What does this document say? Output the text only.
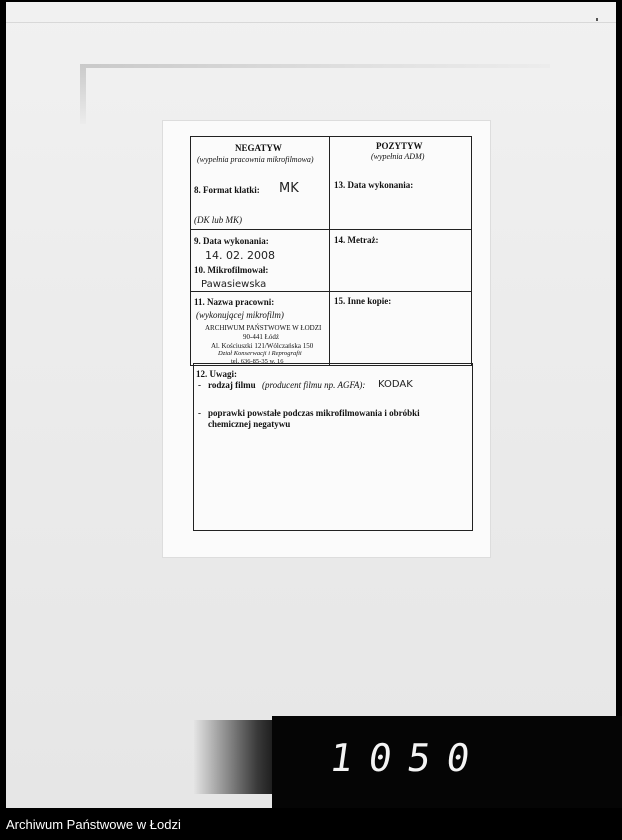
NEGATYW
(wypełnia pracownia mikrofilmowa)
POZYTYW
(wypełnia ADM)
8. Format klatki: MK
(DK lub MK)
13. Data wykonania:
9. Data wykonania:
14. 02. 2008
10. Mikrofilmował:
Pawasiewska
14. Metraż:
11. Nazwa pracowni:
(wykonującej mikrofilm)
ARCHIWUM PAŃSTWOWE W ŁODZI
90-441 Łódź
Al. Kościuszki 121/Wólczańska 150
Dział Konserwacji i Reprografii
tel. 636-85-35 w. 16
15. Inne kopie:
12. Uwagi:
- rodzaj filmu (producent filmu np. AGFA): KODAK
- poprawki powstałe podczas mikrofilmowania i obróbki chemicznej negatywu
1050
Archiwum Państwowe w Łodzi
